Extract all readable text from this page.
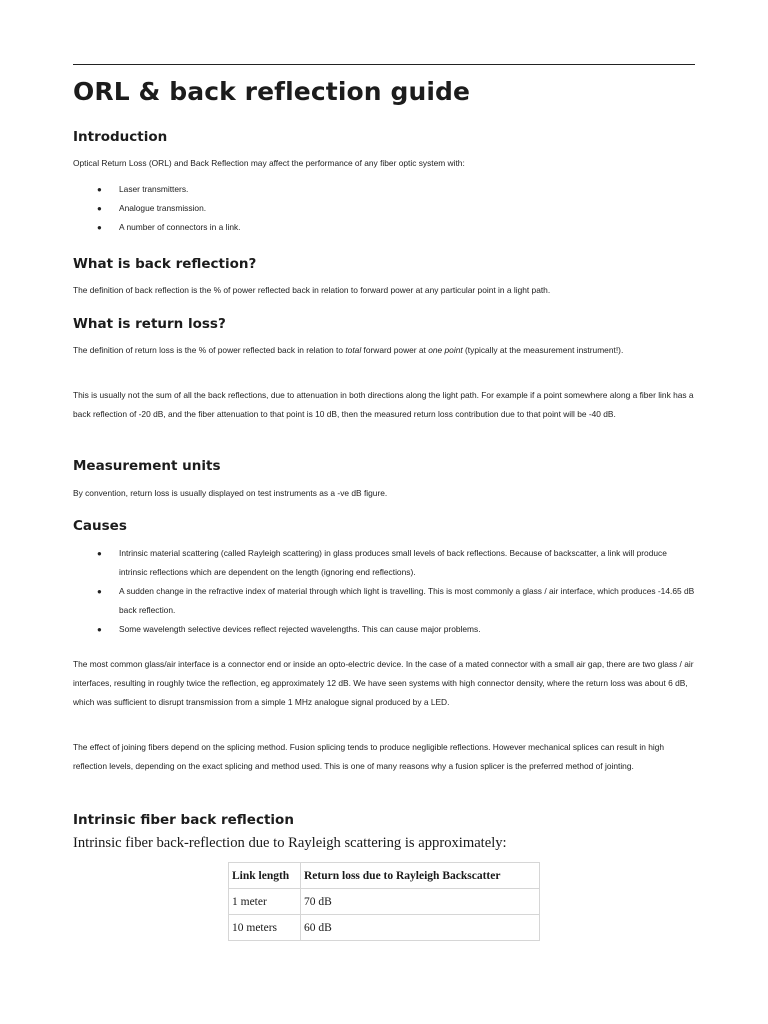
ORL & back reflection guide
Introduction

Optical Return Loss (ORL) and Back Reflection may affect the performance of any fiber optic system with:

● Laser transmitters.
● Analogue transmission.
● A number of connectors in a link.
What is back reflection?

The definition of back reflection is the % of power reflected back in relation to forward power at any particular point in a light path.

What is return loss?

The definition of return loss is the % of power reflected back in relation to total forward power at one point (typically at the measurement instrument!).

This is usually not the sum of all the back reflections, due to attenuation in both directions along the light path. For example if a point somewhere along a fiber link has a back reflection of -20 dB, and the fiber attenuation to that point is 10 dB, then the measured return loss contribution due to that point will be -40 dB.

Measurement units

By convention, return loss is usually displayed on test instruments as a -ve dB figure.

Causes
● Intrinsic material scattering (called Rayleigh scattering) in glass produces small levels of back reflections. Because of backscatter, a link will produce intrinsic reflections which are dependent on the length (ignoring end reflections).
● A sudden change in the refractive index of material through which light is travelling. This is most commonly a glass / air interface, which produces -14.65 dB back reflection.
● Some wavelength selective devices reflect rejected wavelengths. This can cause major problems.

The most common glass/air interface is a connector end or inside an opto-electric device. In the case of a mated connector with a small air gap, there are two glass / air interfaces, resulting in roughly twice the reflection, eg approximately 12 dB. We have seen systems with high connector density, where the return loss was about 6 dB, which was sufficient to disrupt transmission from a simple 1 MHz analogue signal produced by a LED.

The effect of joining fibers depend on the splicing method. Fusion splicing tends to produce negligible reflections. However mechanical splices can result in high reflection levels, depending on the exact splicing and method used. This is one of many reasons why a fusion splicer is the preferred method of jointing.

Intrinsic fiber back reflection
Intrinsic fiber back-reflection due to Rayleigh scattering is approximately:
Link length	Return loss due to Rayleigh Backscatter
1 meter	70 dB
10 meters	60 dB
